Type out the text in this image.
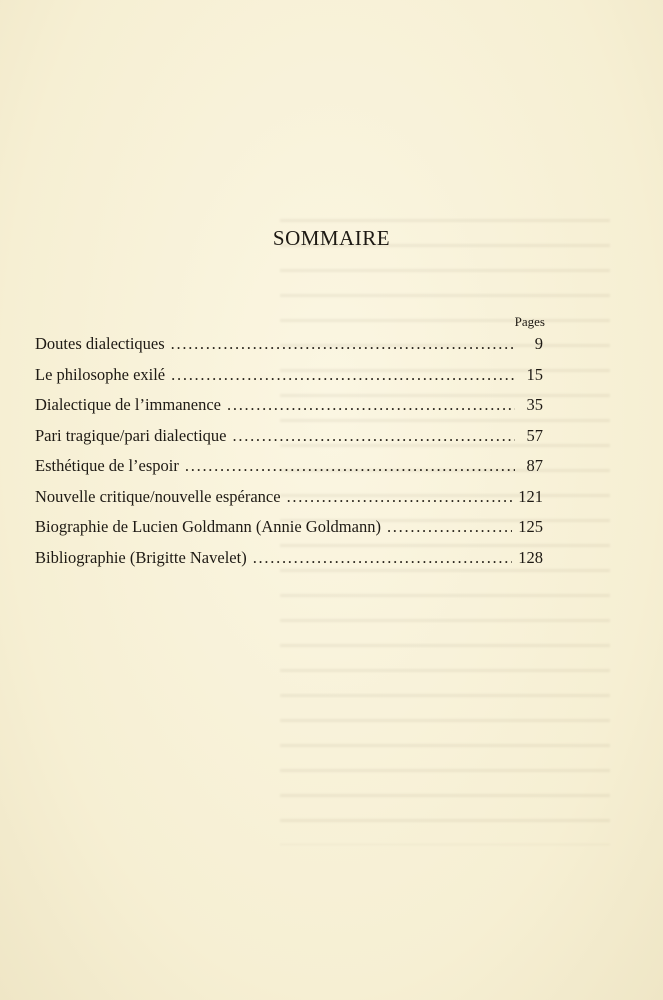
SOMMAIRE
Pages
Doutes dialectiques . . .	9
Le philosophe exilé . . .	15
Dialectique de l’immanence . . .	35
Pari tragique/pari dialectique . . .	57
Esthétique de l’espoir . . .	87
Nouvelle critique/nouvelle espérance . . .	121
Biographie de Lucien Goldmann (Annie Goldmann) . . .	125
Bibliographie (Brigitte Navelet) . . .	128
